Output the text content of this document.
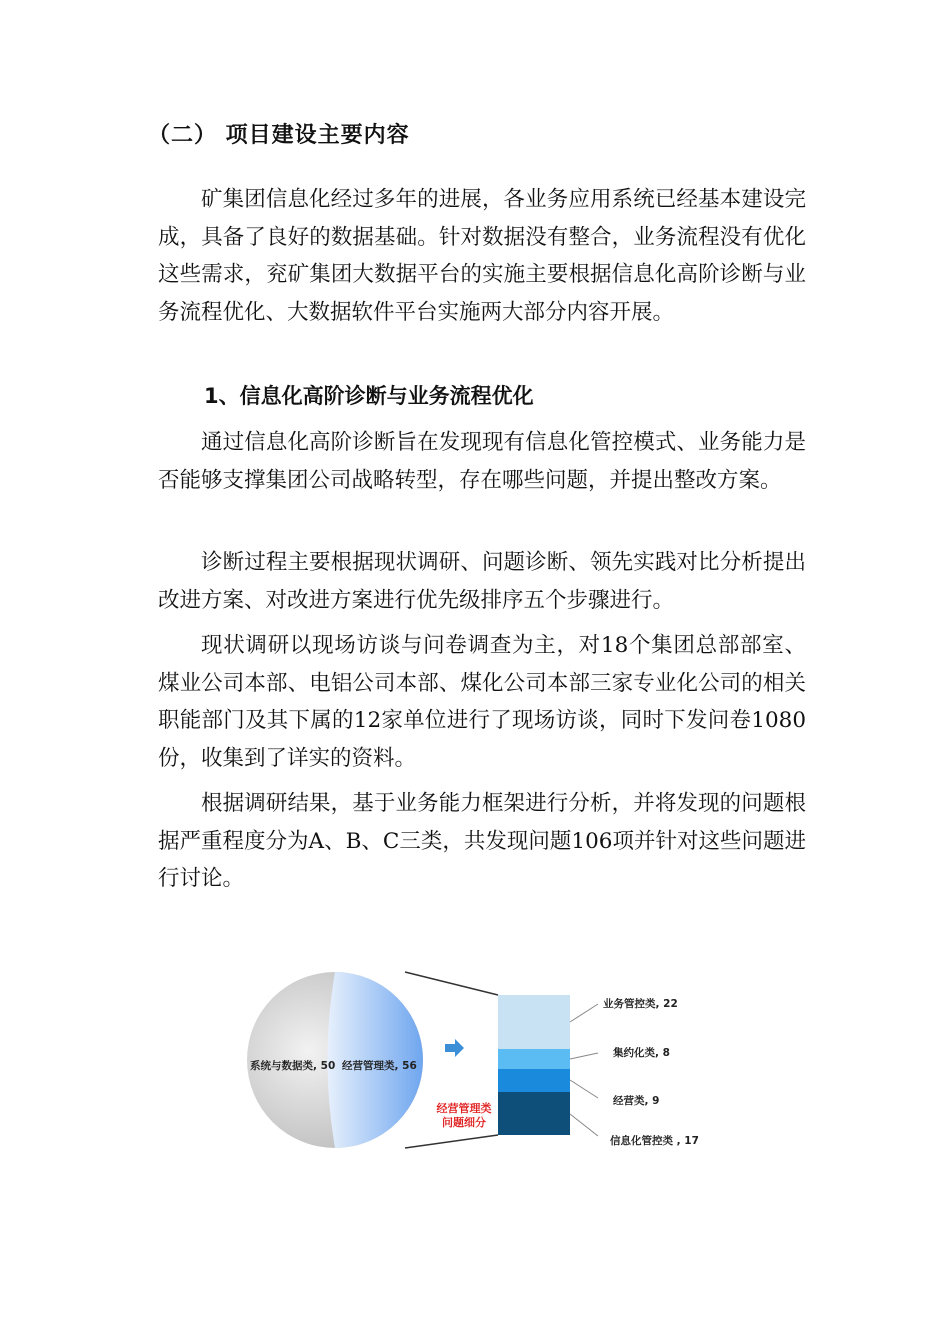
（二） 项目建设主要内容

矿集团信息化经过多年的进展，各业务应用系统已经基本建设完成，具备了良好的数据基础。针对数据没有整合，业务流程没有优化这些需求，兖矿集团大数据平台的实施主要根据信息化高阶诊断与业务流程优化、大数据软件平台实施两大部分内容开展。

1、信息化高阶诊断与业务流程优化

通过信息化高阶诊断旨在发现现有信息化管控模式、业务能力是否能够支撑集团公司战略转型，存在哪些问题，并提出整改方案。

诊断过程主要根据现状调研、问题诊断、领先实践对比分析提出改进方案、对改进方案进行优先级排序五个步骤进行。

现状调研以现场访谈与问卷调查为主，对18个集团总部部室、煤业公司本部、电铝公司本部、煤化公司本部三家专业化公司的相关职能部门及其下属的12家单位进行了现场访谈，同时下发问卷1080份，收集到了详实的资料。

根据调研结果，基于业务能力框架进行分析，并将发现的问题根据严重程度分为A、B、C三类，共发现问题106项并针对这些问题进行讨论。

系统与数据类, 50 经营管理类, 56
经营管理类
问题细分
业务管控类, 22
集约化类, 8
经营类, 9
信息化管控类 , 17
